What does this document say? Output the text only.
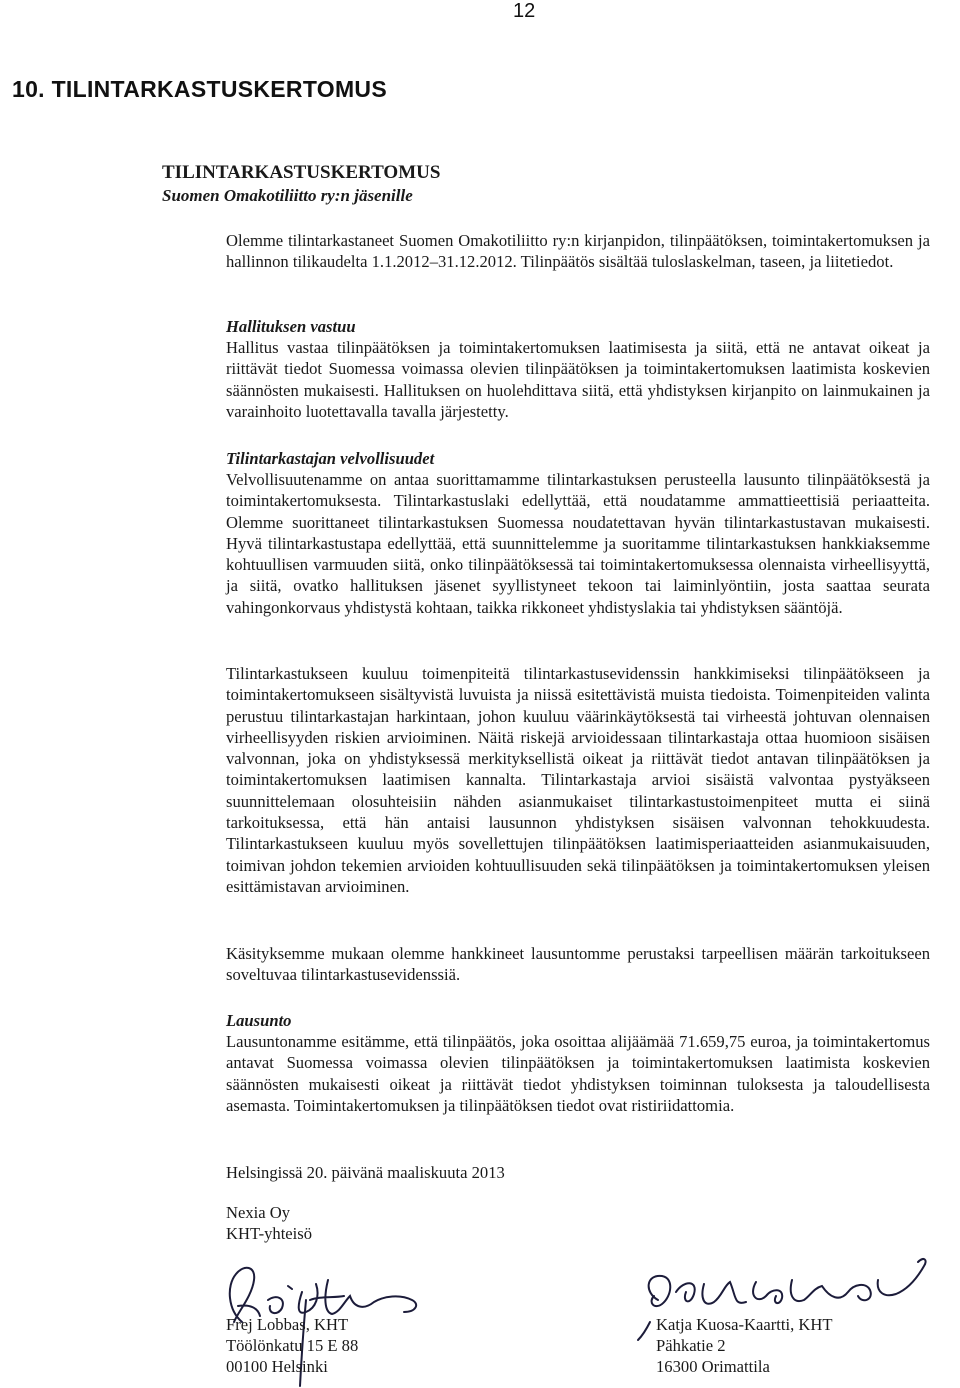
12
10. TILINTARKASTUSKERTOMUS
TILINTARKASTUSKERTOMUS
Suomen Omakotiliitto ry:n jäsenille

Olemme tilintarkastaneet Suomen Omakotiliitto ry:n kirjanpidon, tilinpäätöksen, toimintakertomuksen ja hallinnon tilikaudelta 1.1.2012–31.12.2012. Tilinpäätös sisältää tuloslaskelman, taseen, ja liitetiedot.

Hallituksen vastuu

Hallitus vastaa tilinpäätöksen ja toimintakertomuksen laatimisesta ja siitä, että ne antavat oikeat ja riittävät tiedot Suomessa voimassa olevien tilinpäätöksen ja toimintakertomuksen laatimista koskevien säännösten mukaisesti. Hallituksen on huolehdittava siitä, että yhdistyksen kirjanpito on lainmukainen ja varainhoito luotettavalla tavalla järjestetty.

Tilintarkastajan velvollisuudet

Velvollisuutenamme on antaa suorittamamme tilintarkastuksen perusteella lausunto tilinpäätöksestä ja toimintakertomuksesta. Tilintarkastuslaki edellyttää, että noudatamme ammattieettisiä periaatteita. Olemme suorittaneet tilintarkastuksen Suomessa noudatettavan hyvän tilintarkastustavan mukaisesti. Hyvä tilintarkastustapa edellyttää, että suunnittelemme ja suoritamme tilintarkastuksen hankkiaksemme kohtuullisen varmuuden siitä, onko tilinpäätöksessä tai toimintakertomuksessa olennaista virheellisyyttä, ja siitä, ovatko hallituksen jäsenet syyllistyneet tekoon tai laiminlyöntiin, josta saattaa seurata vahingonkorvaus yhdistystä kohtaan, taikka rikkoneet yhdistyslakia tai yhdistyksen sääntöjä.

Tilintarkastukseen kuuluu toimenpiteitä tilintarkastusevidenssin hankkimiseksi tilinpäätökseen ja toimintakertomukseen sisältyvistä luvuista ja niissä esitettävistä muista tiedoista. Toimenpiteiden valinta perustuu tilintarkastajan harkintaan, johon kuuluu väärinkäytöksestä tai virheestä johtuvan olennaisen virheellisyyden riskien arvioiminen. Näitä riskejä arvioidessaan tilintarkastaja ottaa huomioon sisäisen valvonnan, joka on yhdistyksessä merkityksellistä oikeat ja riittävät tiedot antavan tilinpäätöksen ja toimintakertomuksen laatimisen kannalta. Tilintarkastaja arvioi sisäistä valvontaa pystyäkseen suunnittelemaan olosuhteisiin nähden asianmukaiset tilintarkastustoimenpiteet mutta ei siinä tarkoituksessa, että hän antaisi lausunnon yhdistyksen sisäisen valvonnan tehokkuudesta. Tilintarkastukseen kuuluu myös sovellettujen tilinpäätöksen laatimisperiaatteiden asianmukaisuuden, toimivan johdon tekemien arvioiden kohtuullisuuden sekä tilinpäätöksen ja toimintakertomuksen yleisen esittämistavan arvioiminen.

Käsityksemme mukaan olemme hankkineet lausuntomme perustaksi tarpeellisen määrän tarkoitukseen soveltuvaa tilintarkastusevidenssiä.

Lausunto

Lausuntonamme esitämme, että tilinpäätös, joka osoittaa alijäämää 71.659,75 euroa, ja toimintakertomus antavat Suomessa voimassa olevien tilinpäätöksen ja toimintakertomuksen laatimista koskevien säännösten mukaisesti oikeat ja riittävät tiedot yhdistyksen toiminnan tuloksesta ja taloudellisesta asemasta. Toimintakertomuksen ja tilinpäätöksen tiedot ovat ristiriidattomia.

Helsingissä 20. päivänä maaliskuuta 2013

Nexia Oy

KHT-yhteisö

Frej Lobbas, KHT

Töölönkatu 15 E 88

00100 Helsinki

Katja Kuosa-Kaartti, KHT

Pähkatie 2

16300 Orimattila
